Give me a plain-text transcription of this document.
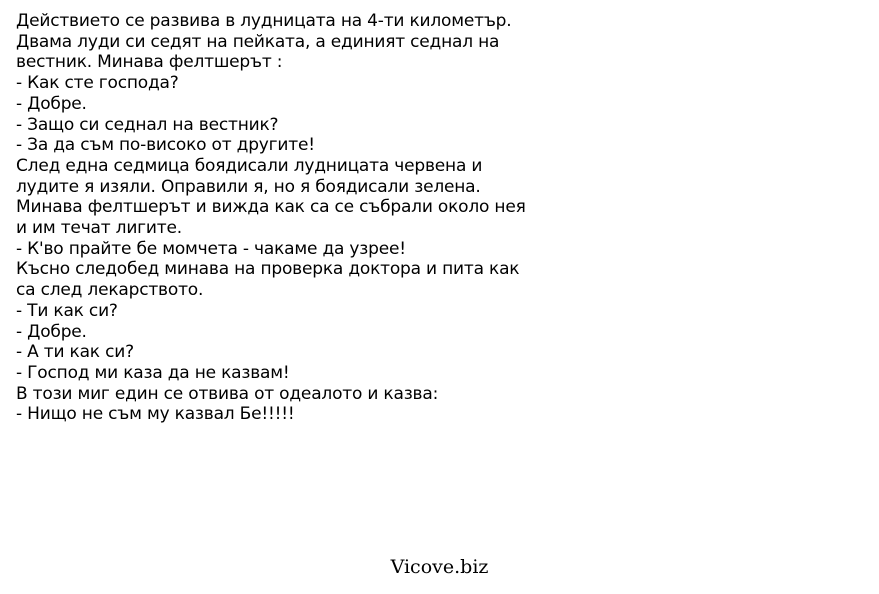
Действието се развива в лудницата на 4-ти километър.
Двама луди си седят на пейката, а единият седнал на
вестник. Минава фелтшерът :
- Как сте господа?
- Добре.
- Защо си седнал на вестник?
- За да съм по-високо от другите!
След една седмица боядисали лудницата червена и
лудите я изяли. Оправили я, но я боядисали зелена.
Минава фелтшерът и вижда как са се събрали около нея
и им течат лигите.
- К'во прайте бе момчета - чакаме да узрее!
Късно следобед минава на проверка доктора и пита как
са след лекарството.
- Ти как си?
- Добре.
- А ти как си?
- Господ ми каза да не казвам!
В този миг един се отвива от одеалото и казва:
- Нищо не съм му казвал Бе!!!!!
Vicove.biz
